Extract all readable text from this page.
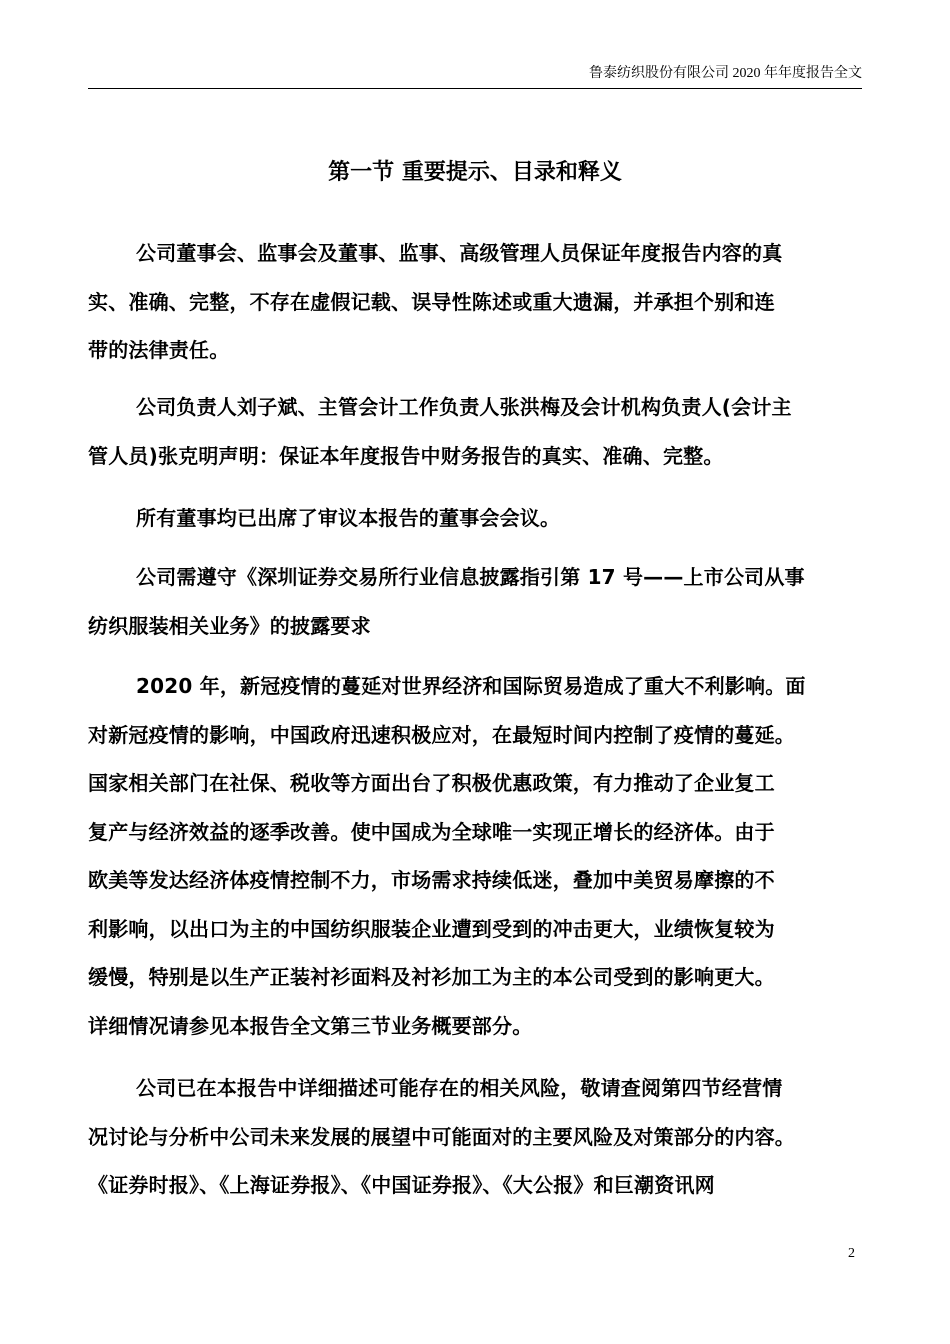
鲁泰纺织股份有限公司 2020 年年度报告全文
第一节 重要提示、目录和释义
公司董事会、监事会及董事、监事、高级管理人员保证年度报告内容的真
实、准确、完整，不存在虚假记载、误导性陈述或重大遗漏，并承担个别和连
带的法律责任。
公司负责人刘子斌、主管会计工作负责人张洪梅及会计机构负责人(会计主
管人员)张克明声明：保证本年度报告中财务报告的真实、准确、完整。
所有董事均已出席了审议本报告的董事会会议。
公司需遵守《深圳证券交易所行业信息披露指引第 17 号——上市公司从事
纺织服装相关业务》的披露要求
2020 年，新冠疫情的蔓延对世界经济和国际贸易造成了重大不利影响。面
对新冠疫情的影响，中国政府迅速积极应对，在最短时间内控制了疫情的蔓延。
国家相关部门在社保、税收等方面出台了积极优惠政策，有力推动了企业复工
复产与经济效益的逐季改善。使中国成为全球唯一实现正增长的经济体。由于
欧美等发达经济体疫情控制不力，市场需求持续低迷，叠加中美贸易摩擦的不
利影响，以出口为主的中国纺织服装企业遭到受到的冲击更大，业绩恢复较为
缓慢，特别是以生产正装衬衫面料及衬衫加工为主的本公司受到的影响更大。
详细情况请参见本报告全文第三节业务概要部分。
公司已在本报告中详细描述可能存在的相关风险，敬请查阅第四节经营情
况讨论与分析中公司未来发展的展望中可能面对的主要风险及对策部分的内容。
《证券时报》、《上海证券报》、《中国证券报》、《大公报》和巨潮资讯网
2
